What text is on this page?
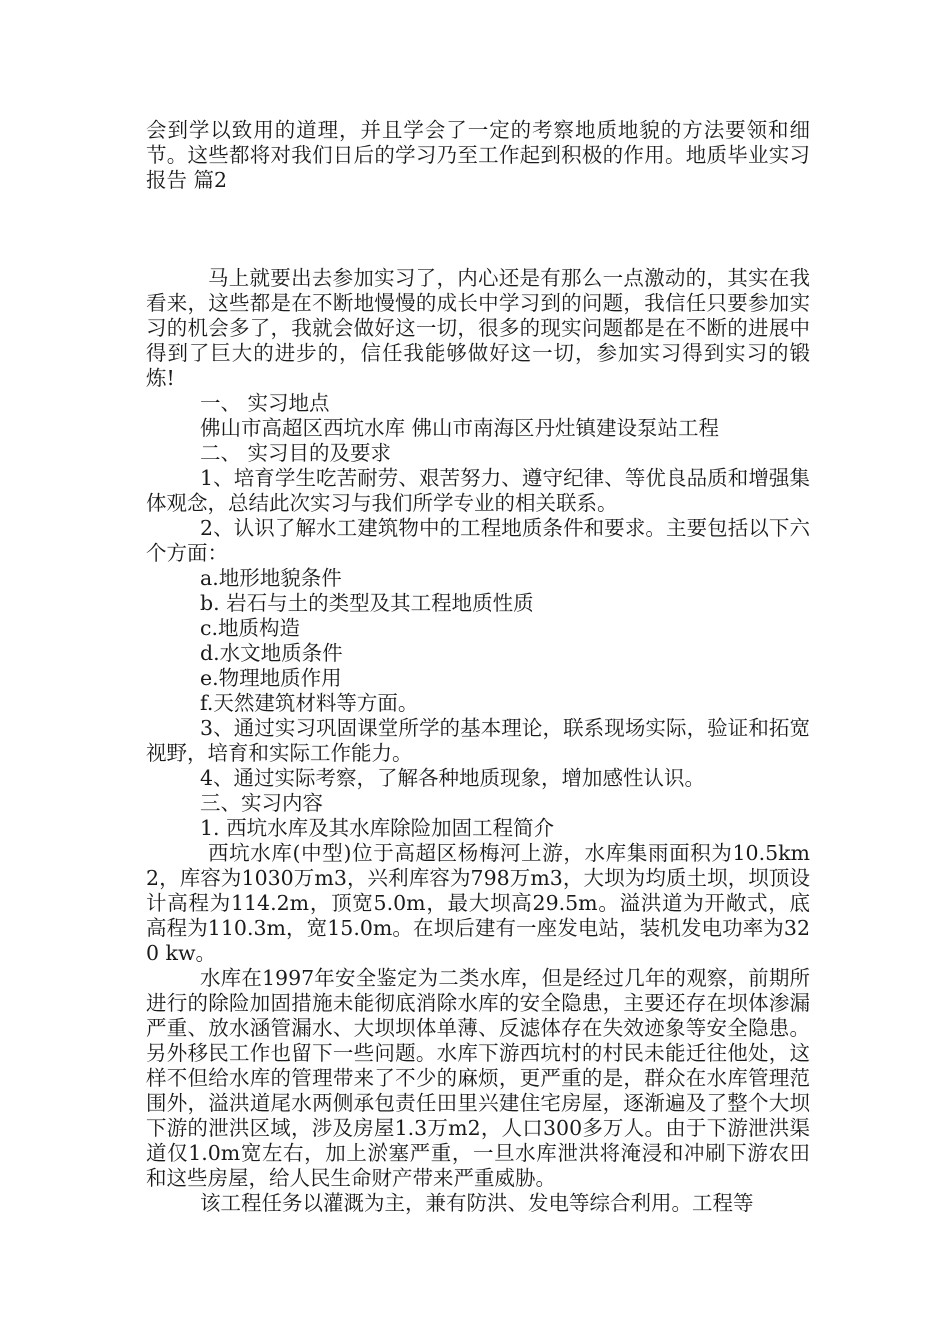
会到学以致用的道理，并且学会了一定的考察地质地貌的方法要领和细节。这些都将对我们日后的学习乃至工作起到积极的作用。地质毕业实习报告 篇2

马上就要出去参加实习了，内心还是有那么一点激动的，其实在我看来，这些都是在不断地慢慢的成长中学习到的问题，我信任只要参加实习的机会多了，我就会做好这一切，很多的现实问题都是在不断的进展中得到了巨大的进步的，信任我能够做好这一切，参加实习得到实习的锻炼!

一、 实习地点

佛山市高超区西坑水库 佛山市南海区丹灶镇建设泵站工程

二、 实习目的及要求

1、培育学生吃苦耐劳、艰苦努力、遵守纪律、等优良品质和增强集体观念，总结此次实习与我们所学专业的相关联系。

2、认识了解水工建筑物中的工程地质条件和要求。主要包括以下六个方面：

a.地形地貌条件

b. 岩石与土的类型及其工程地质性质

c.地质构造

d.水文地质条件

e.物理地质作用

f.天然建筑材料等方面。

3、通过实习巩固课堂所学的基本理论，联系现场实际，验证和拓宽视野，培育和实际工作能力。

4、通过实际考察，了解各种地质现象，增加感性认识。

三、实习内容

1. 西坑水库及其水库除险加固工程简介

西坑水库(中型)位于高超区杨梅河上游，水库集雨面积为10.5km2，库容为1030万m3，兴利库容为798万m3，大坝为均质土坝，坝顶设计高程为114.2m，顶宽5.0m，最大坝高29.5m。溢洪道为开敞式，底高程为110.3m，宽15.0m。在坝后建有一座发电站，装机发电功率为320 kw。

水库在1997年安全鉴定为二类水库，但是经过几年的观察，前期所进行的除险加固措施未能彻底消除水库的安全隐患，主要还存在坝体渗漏严重、放水涵管漏水、大坝坝体单薄、反滤体存在失效迹象等安全隐患。另外移民工作也留下一些问题。水库下游西坑村的村民未能迁往他处，这样不但给水库的管理带来了不少的麻烦，更严重的是，群众在水库管理范围外，溢洪道尾水两侧承包责任田里兴建住宅房屋，逐渐遍及了整个大坝下游的泄洪区域，涉及房屋1.3万m2，人口300多万人。由于下游泄洪渠道仅1.0m宽左右，加上淤塞严重，一旦水库泄洪将淹浸和冲刷下游农田和这些房屋，给人民生命财产带来严重威胁。

该工程任务以灌溉为主，兼有防洪、发电等综合利用。工程等
